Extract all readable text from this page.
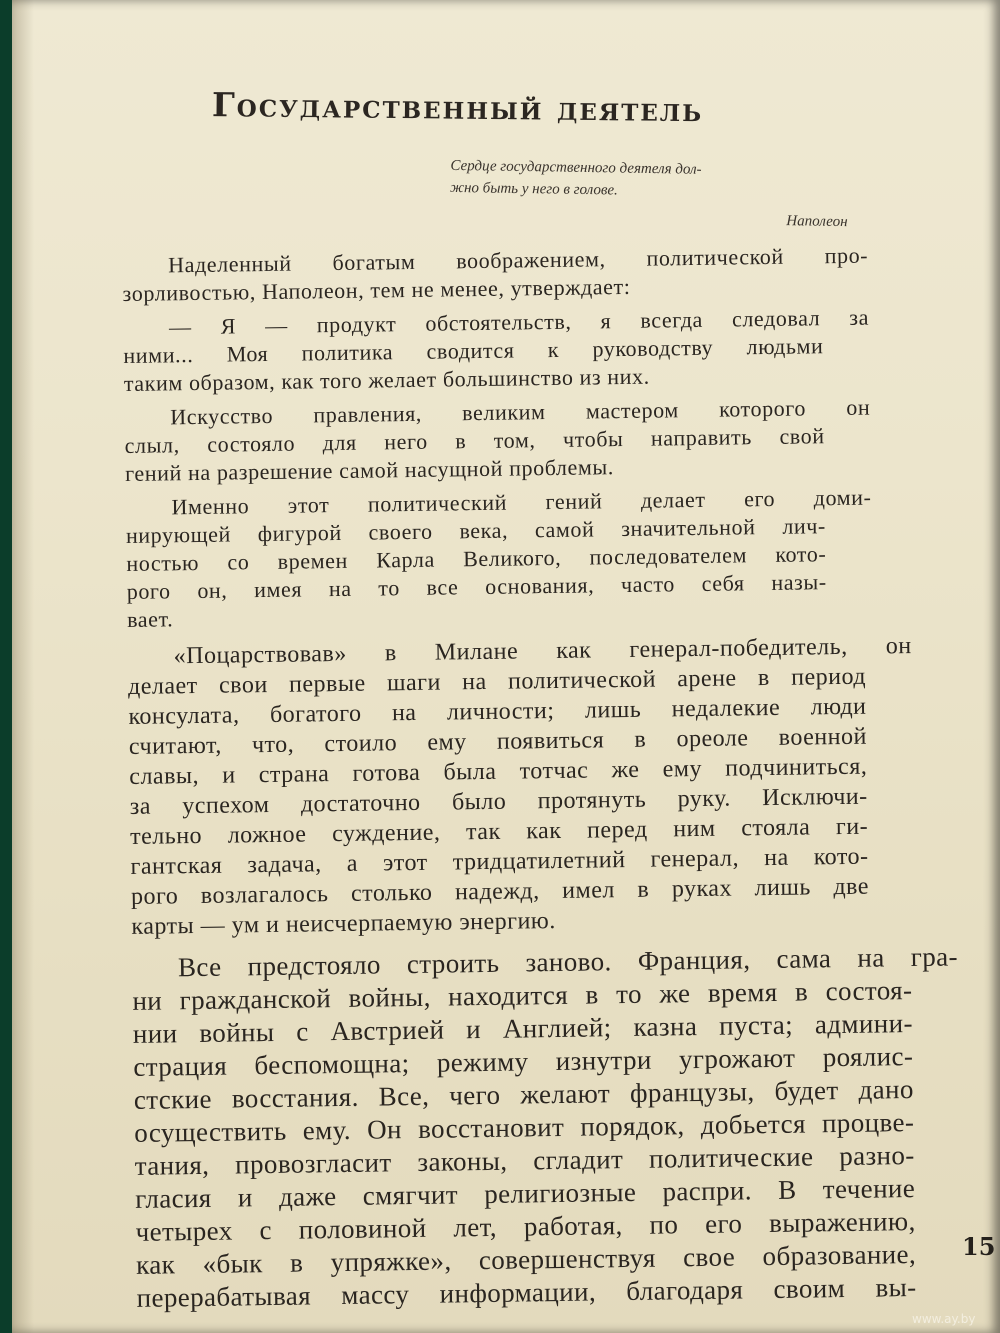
Государственный деятель
Сердце государственного деятеля дол-
жно быть у него в голове.
Наполеон
Наделенный богатым воображением, политической про-
зорливостью, Наполеон, тем не менее, утверждает:
— Я — продукт обстоятельств, я всегда следовал за
ними... Моя политика сводится к руководству людьми
таким образом, как того желает большинство из них.
Искусство правления, великим мастером которого он
слыл, состояло для него в том, чтобы направить свой
гений на разрешение самой насущной проблемы.
Именно этот политический гений делает его доми-
нирующей фигурой своего века, самой значительной лич-
ностью со времен Карла Великого, последователем кото-
рого он, имея на то все основания, часто себя назы-
вает.
«Поцарствовав» в Милане как генерал-победитель, он
делает свои первые шаги на политической арене в период
консулата, богатого на личности; лишь недалекие люди
считают, что, стоило ему появиться в ореоле военной
славы, и страна готова была тотчас же ему подчиниться,
за успехом достаточно было протянуть руку. Исключи-
тельно ложное суждение, так как перед ним стояла ги-
гантская задача, а этот тридцатилетний генерал, на кото-
рого возлагалось столько надежд, имел в руках лишь две
карты — ум и неисчерпаемую энергию.
Все предстояло строить заново. Франция, сама на гра-
ни гражданской войны, находится в то же время в состоя-
нии войны с Австрией и Англией; казна пуста; админи-
страция беспомощна; режиму изнутри угрожают роялис-
стские восстания. Все, чего желают французы, будет дано
осуществить ему. Он восстановит порядок, добьется процве-
тания, провозгласит законы, сгладит политические разно-
гласия и даже смягчит религиозные распри. В течение
четырех с половиной лет, работая, по его выражению,
как «бык в упряжке», совершенствуя свое образование,
перерабатывая массу информации, благодаря своим вы-
15
www.ay.by
